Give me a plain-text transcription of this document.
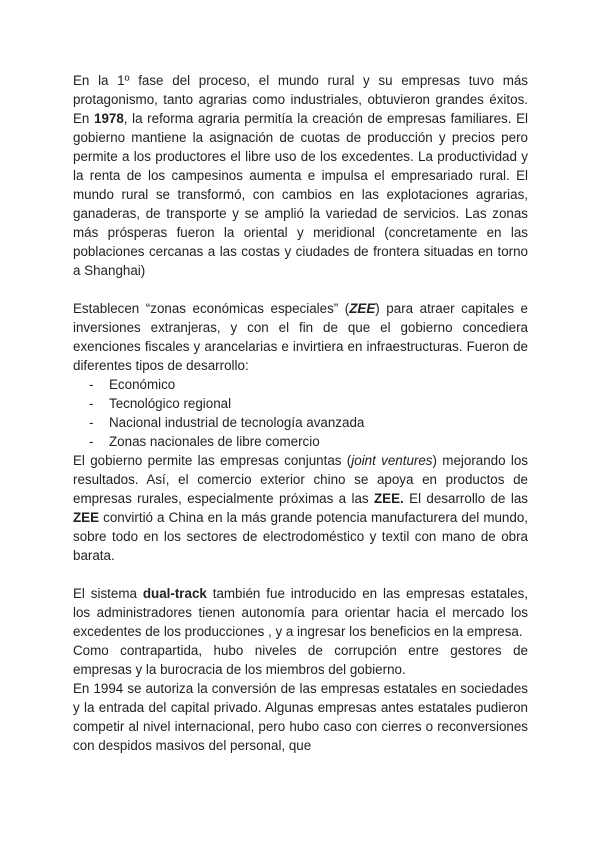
En la 1º fase del proceso, el mundo rural y su empresas tuvo más protagonismo, tanto agrarias como industriales, obtuvieron grandes éxitos. En 1978, la reforma agraria permitía la creación de empresas familiares. El gobierno mantiene la asignación de cuotas de producción y precios pero permite a los productores el libre uso de los excedentes. La productividad y la renta de los campesinos aumenta e impulsa el empresariado rural. El mundo rural se transformó, con cambios en las explotaciones agrarias, ganaderas, de transporte y se amplió la variedad de servicios. Las zonas más prósperas fueron la oriental y meridional (concretamente en las poblaciones cercanas a las costas y ciudades de frontera situadas en torno a Shanghai)

Establecen “zonas económicas especiales” (ZEE) para atraer capitales e inversiones extranjeras, y con el fin de que el gobierno concediera exenciones fiscales y arancelarias e invirtiera en infraestructuras. Fueron de diferentes tipos de desarrollo:

- Económico
- Tecnológico regional
- Nacional industrial de tecnología avanzada
- Zonas nacionales de libre comercio

El gobierno permite las empresas conjuntas (joint ventures) mejorando los resultados. Así, el comercio exterior chino se apoya en productos de empresas rurales, especialmente próximas a las ZEE. El desarrollo de las ZEE convirtió a China en la más grande potencia manufacturera del mundo, sobre todo en los sectores de electrodoméstico y textil con mano de obra barata.

El sistema dual-track también fue introducido en las empresas estatales, los administradores tienen autonomía para orientar hacia el mercado los excedentes de los producciones , y a ingresar los beneficios en la empresa.

Como contrapartida, hubo niveles de corrupción entre gestores de empresas y la burocracia de los miembros del gobierno.

En 1994 se autoriza la conversión de las empresas estatales en sociedades y la entrada del capital privado. Algunas empresas antes estatales pudieron competir al nivel internacional, pero hubo caso con cierres o reconversiones con despidos masivos del personal, que
